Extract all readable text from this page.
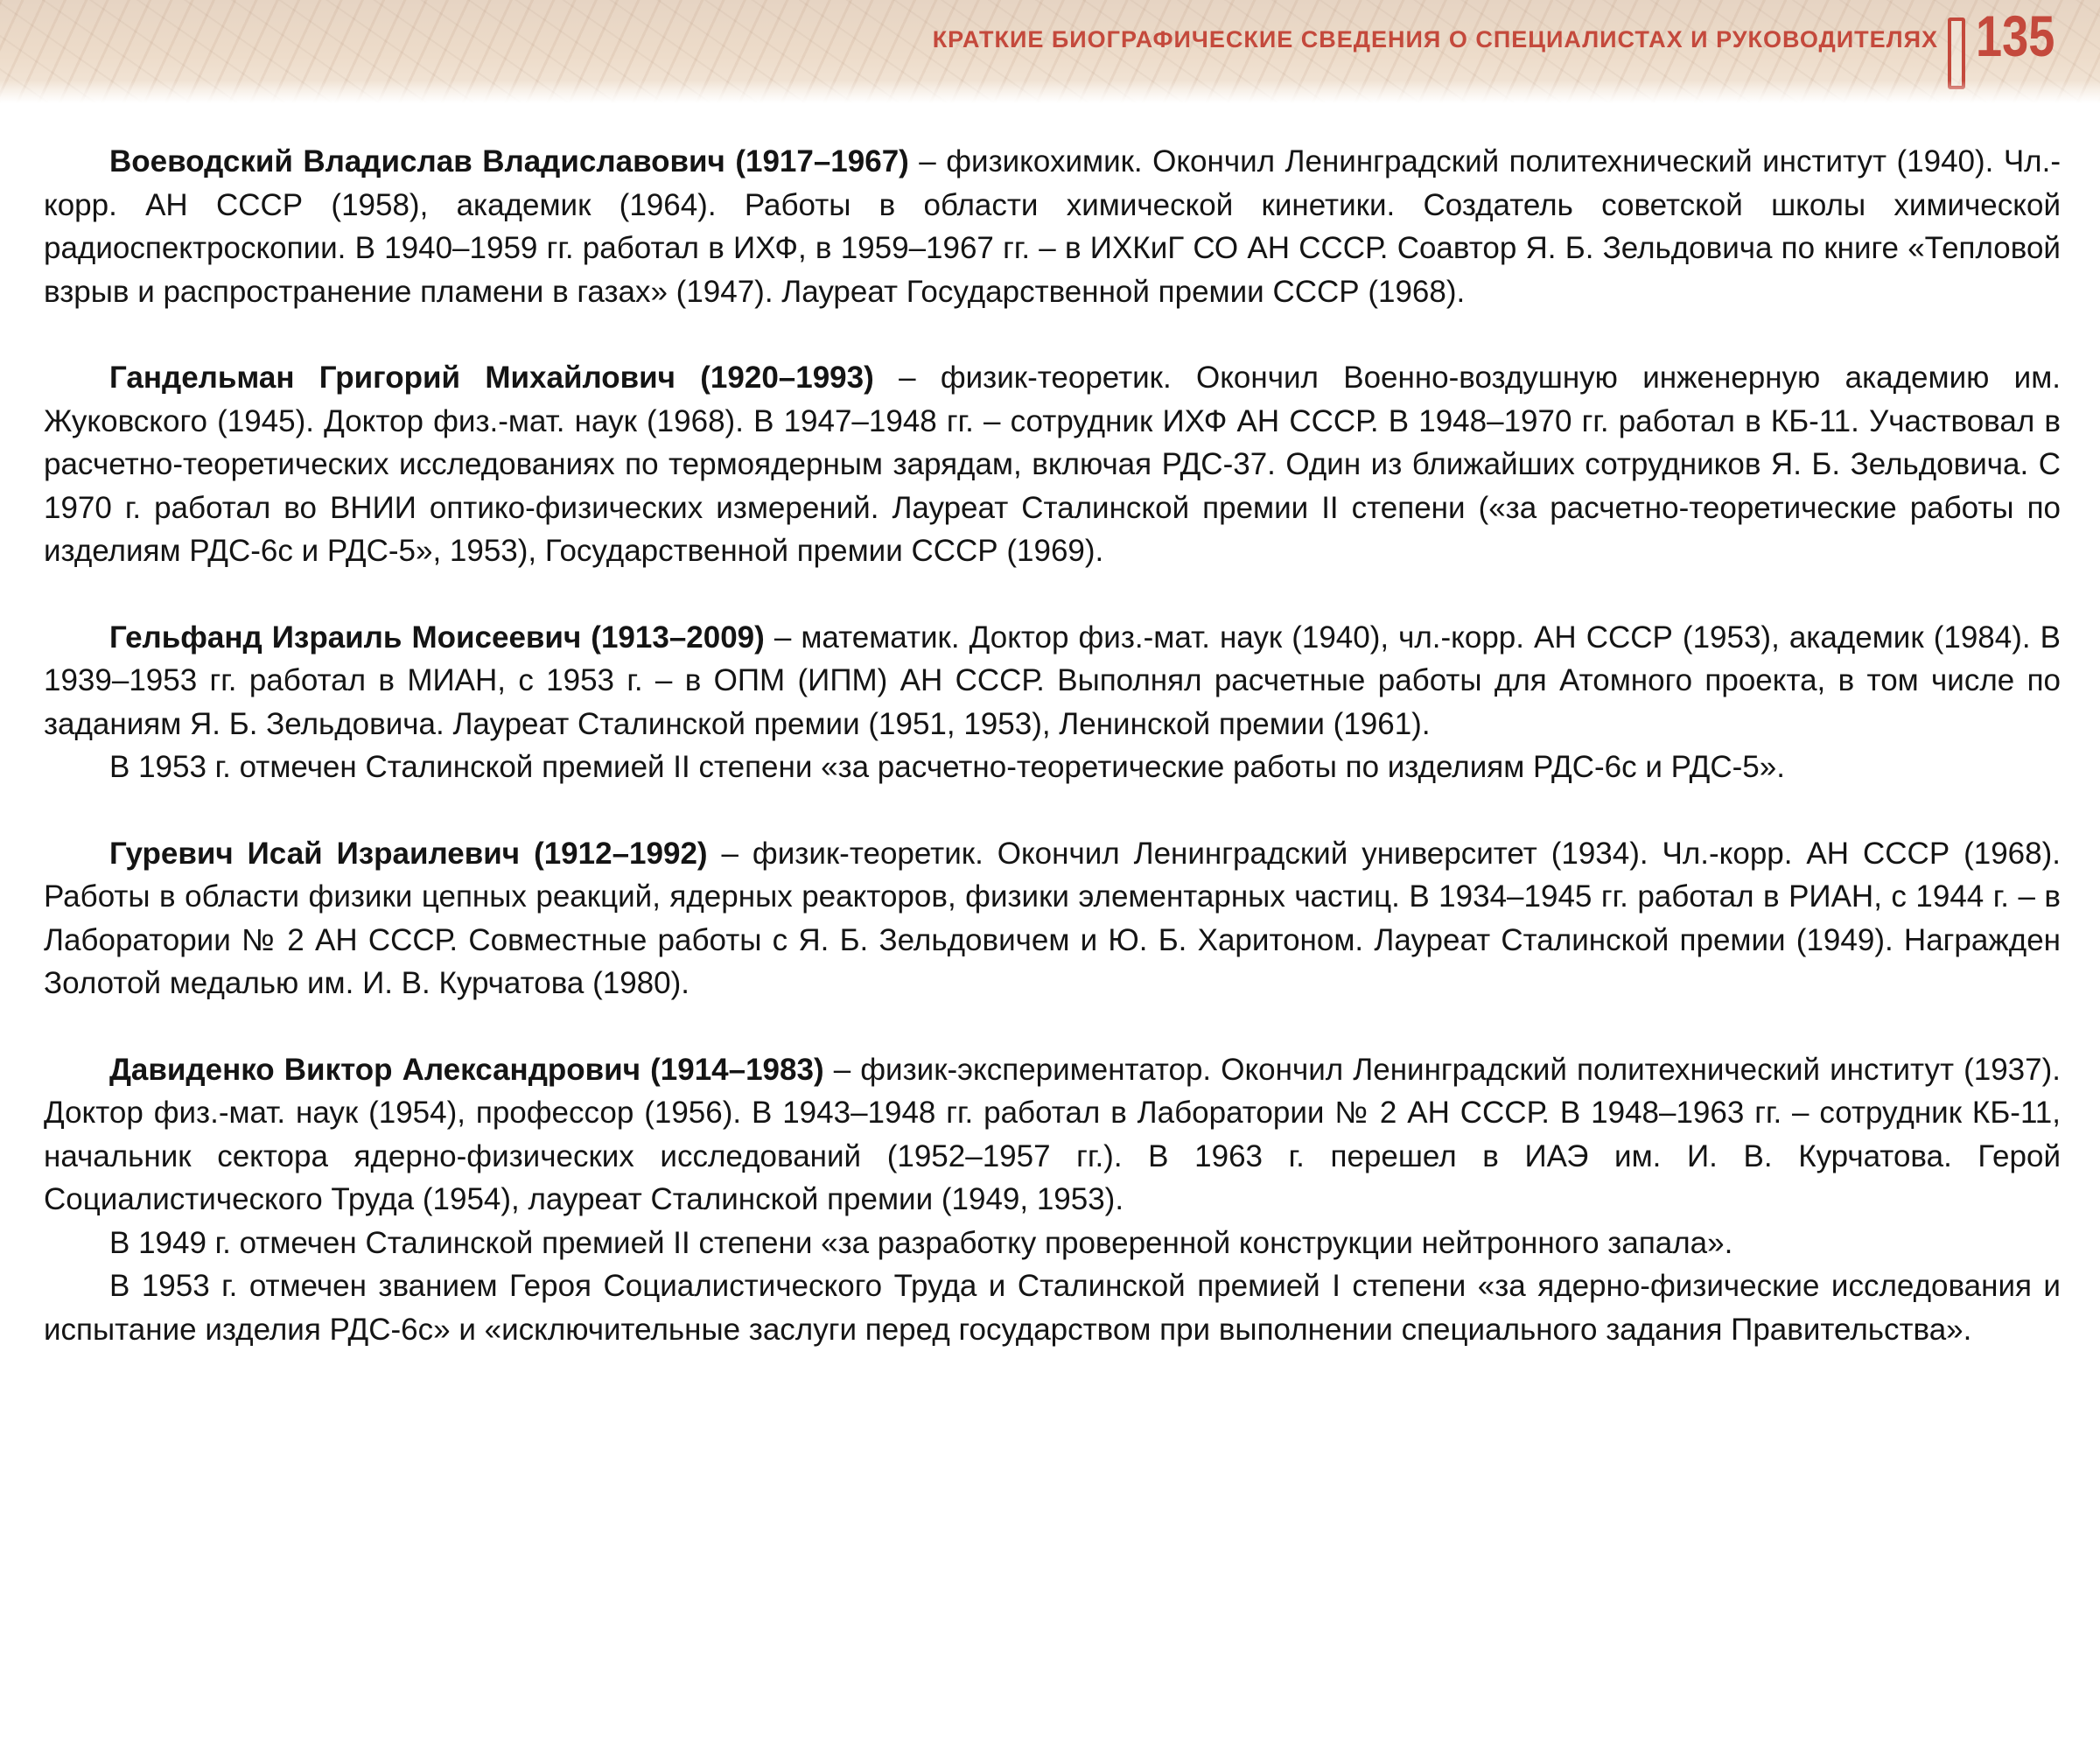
КРАТКИЕ БИОГРАФИЧЕСКИЕ СВЕДЕНИЯ О СПЕЦИАЛИСТАХ И РУКОВОДИТЕЛЯХ 135

Воеводский Владислав Владиславович (1917–1967) – физикохимик. Окончил Ленинградский политехнический институт (1940). Чл.-корр. АН СССР (1958), академик (1964). Работы в области химической кинетики. Создатель советской школы химической радиоспектроскопии. В 1940–1959 гг. работал в ИХФ, в 1959–1967 гг. – в ИХКиГ СО АН СССР. Соавтор Я. Б. Зельдовича по книге «Тепловой взрыв и распространение пламени в газах» (1947). Лауреат Государственной премии СССР (1968).

Гандельман Григорий Михайлович (1920–1993) – физик-теоретик. Окончил Военно-воздушную инженерную академию им. Жуковского (1945). Доктор физ.-мат. наук (1968). В 1947–1948 гг. – сотрудник ИХФ АН СССР. В 1948–1970 гг. работал в КБ-11. Участвовал в расчетно-теоретических исследованиях по термоядерным зарядам, включая РДС-37. Один из ближайших сотрудников Я. Б. Зельдовича. С 1970 г. работал во ВНИИ оптико-физических измерений. Лауреат Сталинской премии II степени («за расчетно-теоретические работы по изделиям РДС-6с и РДС-5», 1953), Государственной премии СССР (1969).

Гельфанд Израиль Моисеевич (1913–2009) – математик. Доктор физ.-мат. наук (1940), чл.-корр. АН СССР (1953), академик (1984). В 1939–1953 гг. работал в МИАН, с 1953 г. – в ОПМ (ИПМ) АН СССР. Выполнял расчетные работы для Атомного проекта, в том числе по заданиям Я. Б. Зельдовича. Лауреат Сталинской премии (1951, 1953), Ленинской премии (1961).

В 1953 г. отмечен Сталинской премией II степени «за расчетно-теоретические работы по изделиям РДС-6с и РДС-5».

Гуревич Исай Израилевич (1912–1992) – физик-теоретик. Окончил Ленинградский университет (1934). Чл.-корр. АН СССР (1968). Работы в области физики цепных реакций, ядерных реакторов, физики элементарных частиц. В 1934–1945 гг. работал в РИАН, с 1944 г. – в Лаборатории № 2 АН СССР. Совместные работы с Я. Б. Зельдовичем и Ю. Б. Харитоном. Лауреат Сталинской премии (1949). Награжден Золотой медалью им. И. В. Курчатова (1980).

Давиденко Виктор Александрович (1914–1983) – физик-экспериментатор. Окончил Ленинградский политехнический институт (1937). Доктор физ.-мат. наук (1954), профессор (1956). В 1943–1948 гг. работал в Лаборатории № 2 АН СССР. В 1948–1963 гг. – сотрудник КБ-11, начальник сектора ядерно-физических исследований (1952–1957 гг.). В 1963 г. перешел в ИАЭ им. И. В. Курчатова. Герой Социалистического Труда (1954), лауреат Сталинской премии (1949, 1953).

В 1949 г. отмечен Сталинской премией II степени «за разработку проверенной конструкции нейтронного запала».

В 1953 г. отмечен званием Героя Социалистического Труда и Сталинской премией I степени «за ядерно-физические исследования и испытание изделия РДС-6с» и «исключительные заслуги перед государством при выполнении специального задания Правительства».
